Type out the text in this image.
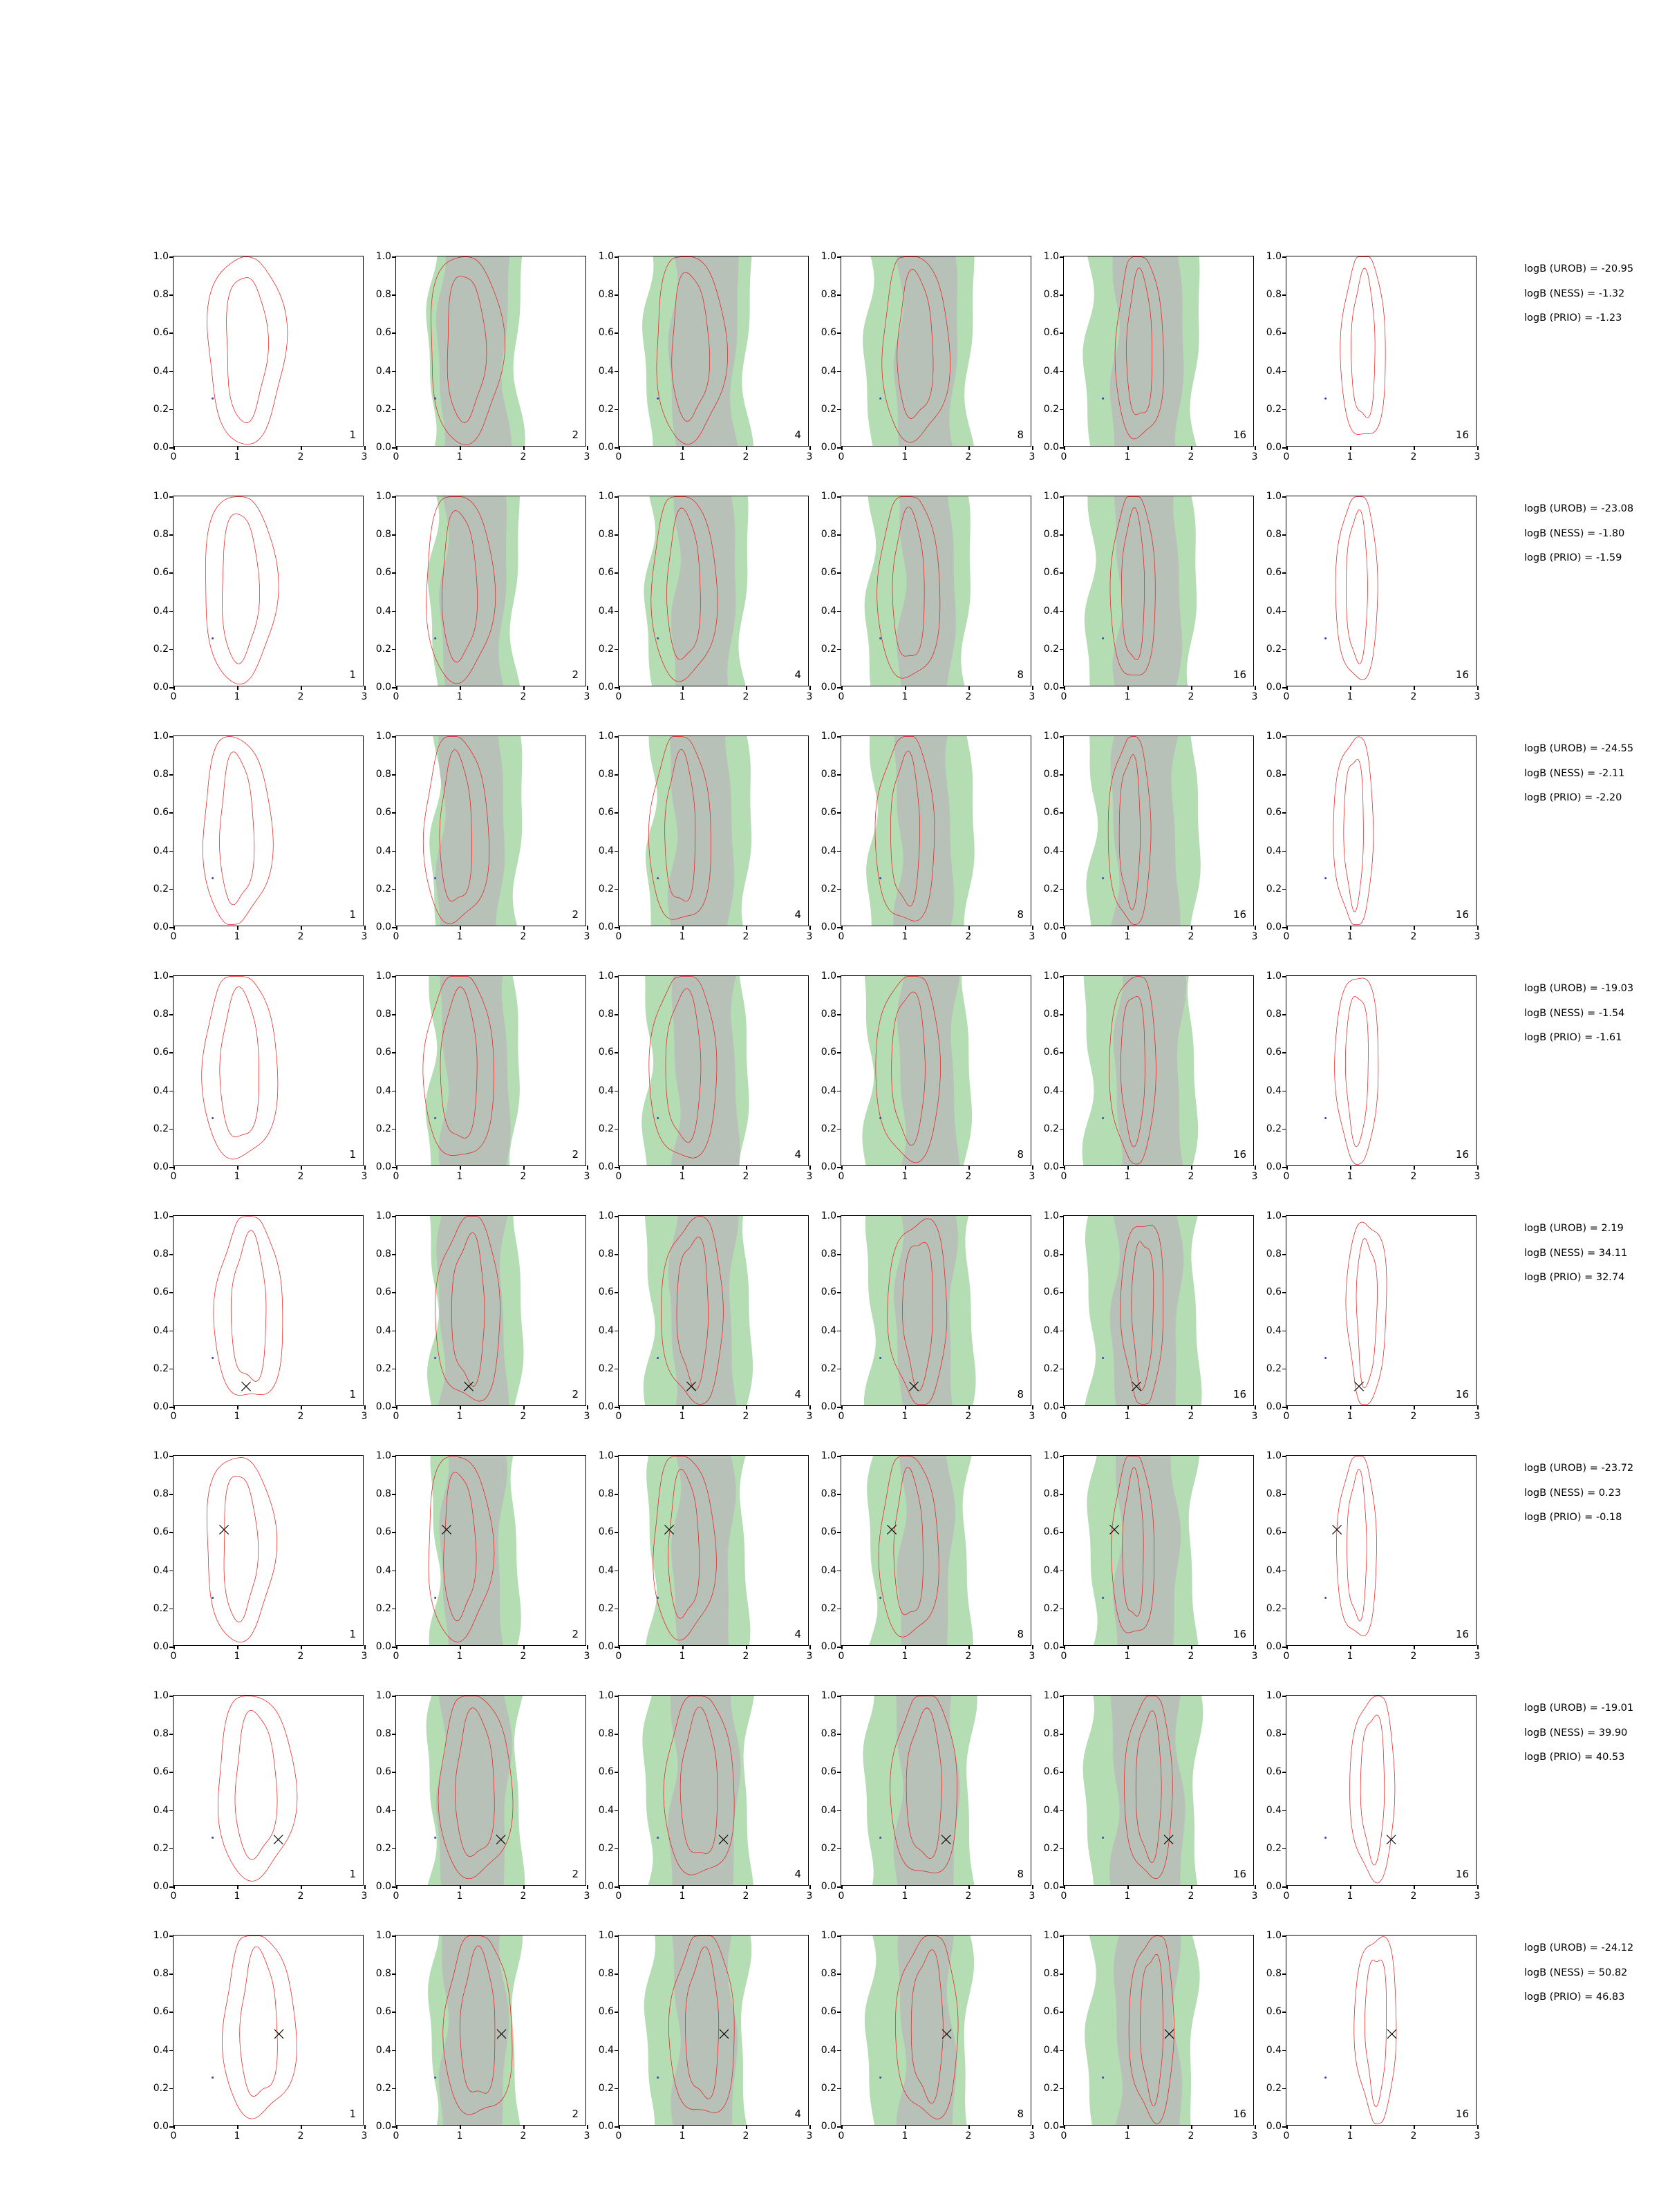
1
0.0
0.2
0.4
0.6
0.8
1.0
0	1	2	3
2
0.0
0.2
0.4
0.6
0.8
1.0
0	1	2	3
4
0.0
0.2
0.4
0.6
0.8
1.0
0	1	2	3
8
0.0
0.2
0.4
0.6
0.8
1.0
0	1	2	3
16
0.0
0.2
0.4
0.6
0.8
1.0
0	1	2	3
16
0.0
0.2
0.4
0.6
0.8
1.0
0	1	2	3
logB (UROB) = -20.95
logB (NESS) = -1.32
logB (PRIO) = -1.23
1
0.0
0.2
0.4
0.6
0.8
1.0
0	1	2	3
2
0.0
0.2
0.4
0.6
0.8
1.0
0	1	2	3
4
0.0
0.2
0.4
0.6
0.8
1.0
0	1	2	3
8
0.0
0.2
0.4
0.6
0.8
1.0
0	1	2	3
16
0.0
0.2
0.4
0.6
0.8
1.0
0	1	2	3
16
0.0
0.2
0.4
0.6
0.8
1.0
0	1	2	3
logB (UROB) = -23.08
logB (NESS) = -1.80
logB (PRIO) = -1.59
1
0.0
0.2
0.4
0.6
0.8
1.0
0	1	2	3
2
0.0
0.2
0.4
0.6
0.8
1.0
0	1	2	3
4
0.0
0.2
0.4
0.6
0.8
1.0
0	1	2	3
8
0.0
0.2
0.4
0.6
0.8
1.0
0	1	2	3
16
0.0
0.2
0.4
0.6
0.8
1.0
0	1	2	3
16
0.0
0.2
0.4
0.6
0.8
1.0
0	1	2	3
logB (UROB) = -24.55
logB (NESS) = -2.11
logB (PRIO) = -2.20
1
0.0
0.2
0.4
0.6
0.8
1.0
0	1	2	3
2
0.0
0.2
0.4
0.6
0.8
1.0
0	1	2	3
4
0.0
0.2
0.4
0.6
0.8
1.0
0	1	2	3
8
0.0
0.2
0.4
0.6
0.8
1.0
0	1	2	3
16
0.0
0.2
0.4
0.6
0.8
1.0
0	1	2	3
16
0.0
0.2
0.4
0.6
0.8
1.0
0	1	2	3
logB (UROB) = -19.03
logB (NESS) = -1.54
logB (PRIO) = -1.61
1
0.0
0.2
0.4
0.6
0.8
1.0
0	1	2	3
2
0.0
0.2
0.4
0.6
0.8
1.0
0	1	2	3
4
0.0
0.2
0.4
0.6
0.8
1.0
0	1	2	3
8
0.0
0.2
0.4
0.6
0.8
1.0
0	1	2	3
16
0.0
0.2
0.4
0.6
0.8
1.0
0	1	2	3
16
0.0
0.2
0.4
0.6
0.8
1.0
0	1	2	3
logB (UROB) = 2.19
logB (NESS) = 34.11
logB (PRIO) = 32.74
1
0.0
0.2
0.4
0.6
0.8
1.0
0	1	2	3
2
0.0
0.2
0.4
0.6
0.8
1.0
0	1	2	3
4
0.0
0.2
0.4
0.6
0.8
1.0
0	1	2	3
8
0.0
0.2
0.4
0.6
0.8
1.0
0	1	2	3
16
0.0
0.2
0.4
0.6
0.8
1.0
0	1	2	3
16
0.0
0.2
0.4
0.6
0.8
1.0
0	1	2	3
logB (UROB) = -23.72
logB (NESS) = 0.23
logB (PRIO) = -0.18
1
0.0
0.2
0.4
0.6
0.8
1.0
0	1	2	3
2
0.0
0.2
0.4
0.6
0.8
1.0
0	1	2	3
4
0.0
0.2
0.4
0.6
0.8
1.0
0	1	2	3
8
0.0
0.2
0.4
0.6
0.8
1.0
0	1	2	3
16
0.0
0.2
0.4
0.6
0.8
1.0
0	1	2	3
16
0.0
0.2
0.4
0.6
0.8
1.0
0	1	2	3
logB (UROB) = -19.01
logB (NESS) = 39.90
logB (PRIO) = 40.53
1
0.0
0.2
0.4
0.6
0.8
1.0
0	1	2	3
2
0.0
0.2
0.4
0.6
0.8
1.0
0	1	2	3
4
0.0
0.2
0.4
0.6
0.8
1.0
0	1	2	3
8
0.0
0.2
0.4
0.6
0.8
1.0
0	1	2	3
16
0.0
0.2
0.4
0.6
0.8
1.0
0	1	2	3
16
0.0
0.2
0.4
0.6
0.8
1.0
0	1	2	3
logB (UROB) = -24.12
logB (NESS) = 50.82
logB (PRIO) = 46.83
